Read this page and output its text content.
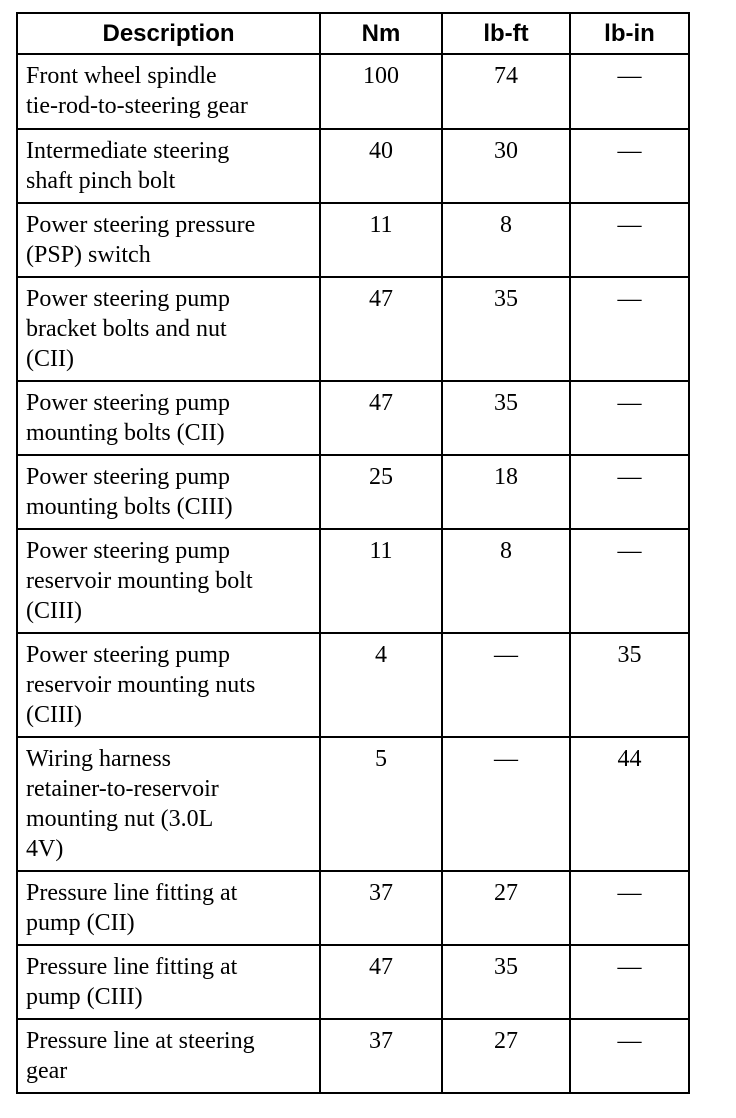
Description	Nm	lb-ft	lb-in
Front wheel spindle
tie-rod-to-steering gear	100	74	—
Intermediate steering
shaft pinch bolt	40	30	—
Power steering pressure
(PSP) switch	11	8	—
Power steering pump
bracket bolts and nut
(CII)	47	35	—
Power steering pump
mounting bolts (CII)	47	35	—
Power steering pump
mounting bolts (CIII)	25	18	—
Power steering pump
reservoir mounting bolt
(CIII)	11	8	—
Power steering pump
reservoir mounting nuts
(CIII)	4	—	35
Wiring harness
retainer-to-reservoir
mounting nut (3.0L
4V)	5	—	44
Pressure line fitting at
pump (CII)	37	27	—
Pressure line fitting at
pump (CIII)	47	35	—
Pressure line at steering
gear	37	27	—
